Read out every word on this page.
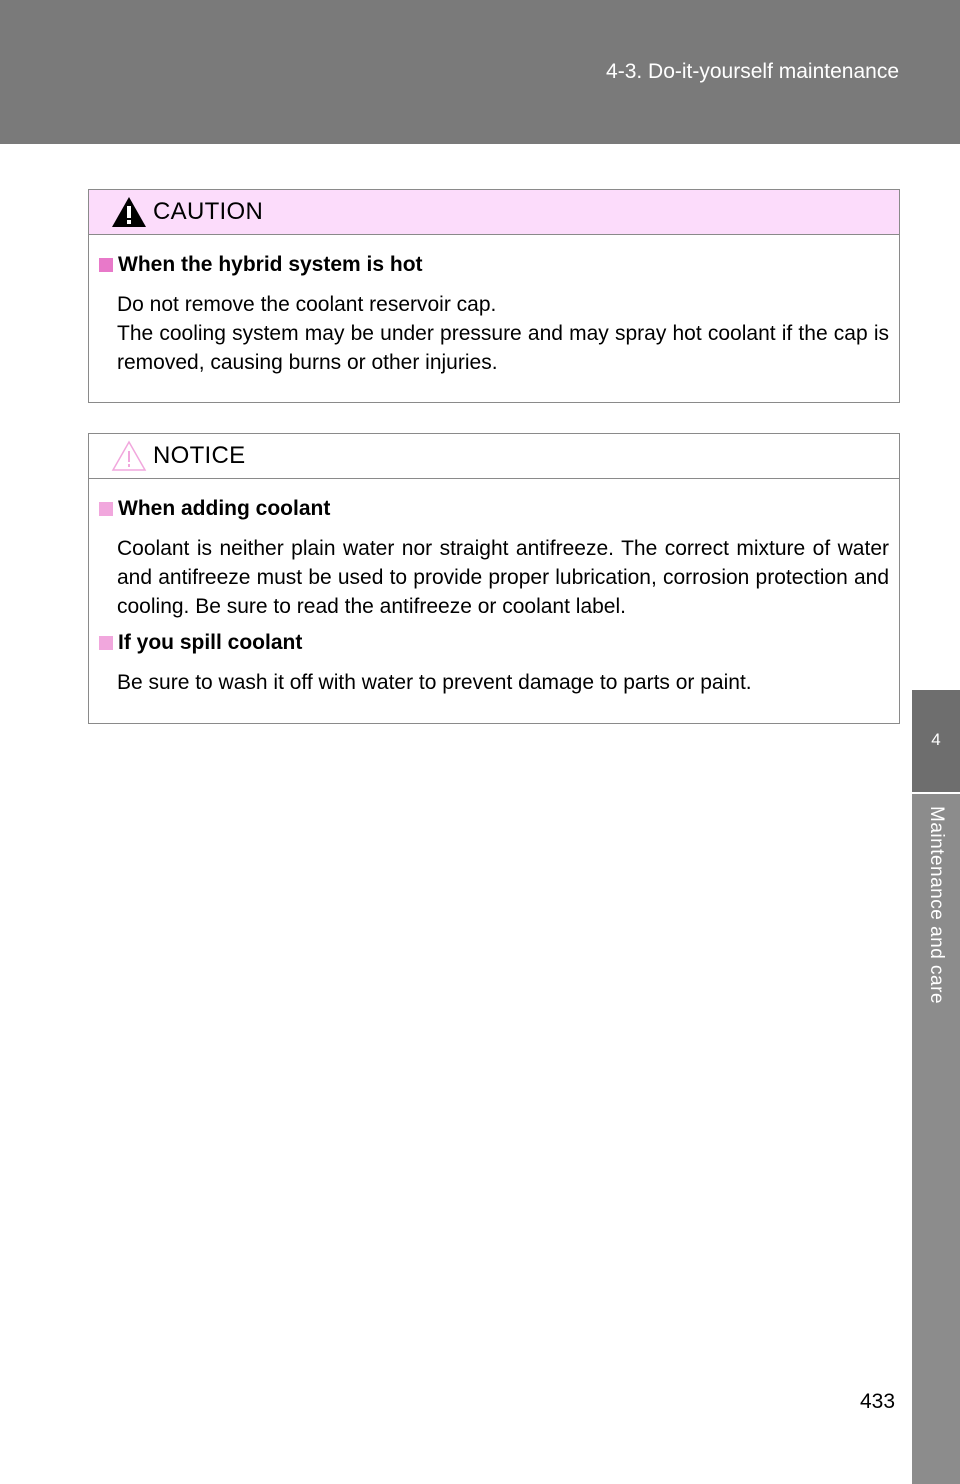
4-3. Do-it-yourself maintenance
4
Maintenance and care
CAUTION
When the hybrid system is hot
Do not remove the coolant reservoir cap.
The cooling system may be under pressure and may spray hot coolant if the cap is removed, causing burns or other injuries.
NOTICE
When adding coolant
Coolant is neither plain water nor straight antifreeze. The correct mixture of water and antifreeze must be used to provide proper lubrication, corrosion protection and cooling. Be sure to read the antifreeze or coolant label.
If you spill coolant
Be sure to wash it off with water to prevent damage to parts or paint.
433
